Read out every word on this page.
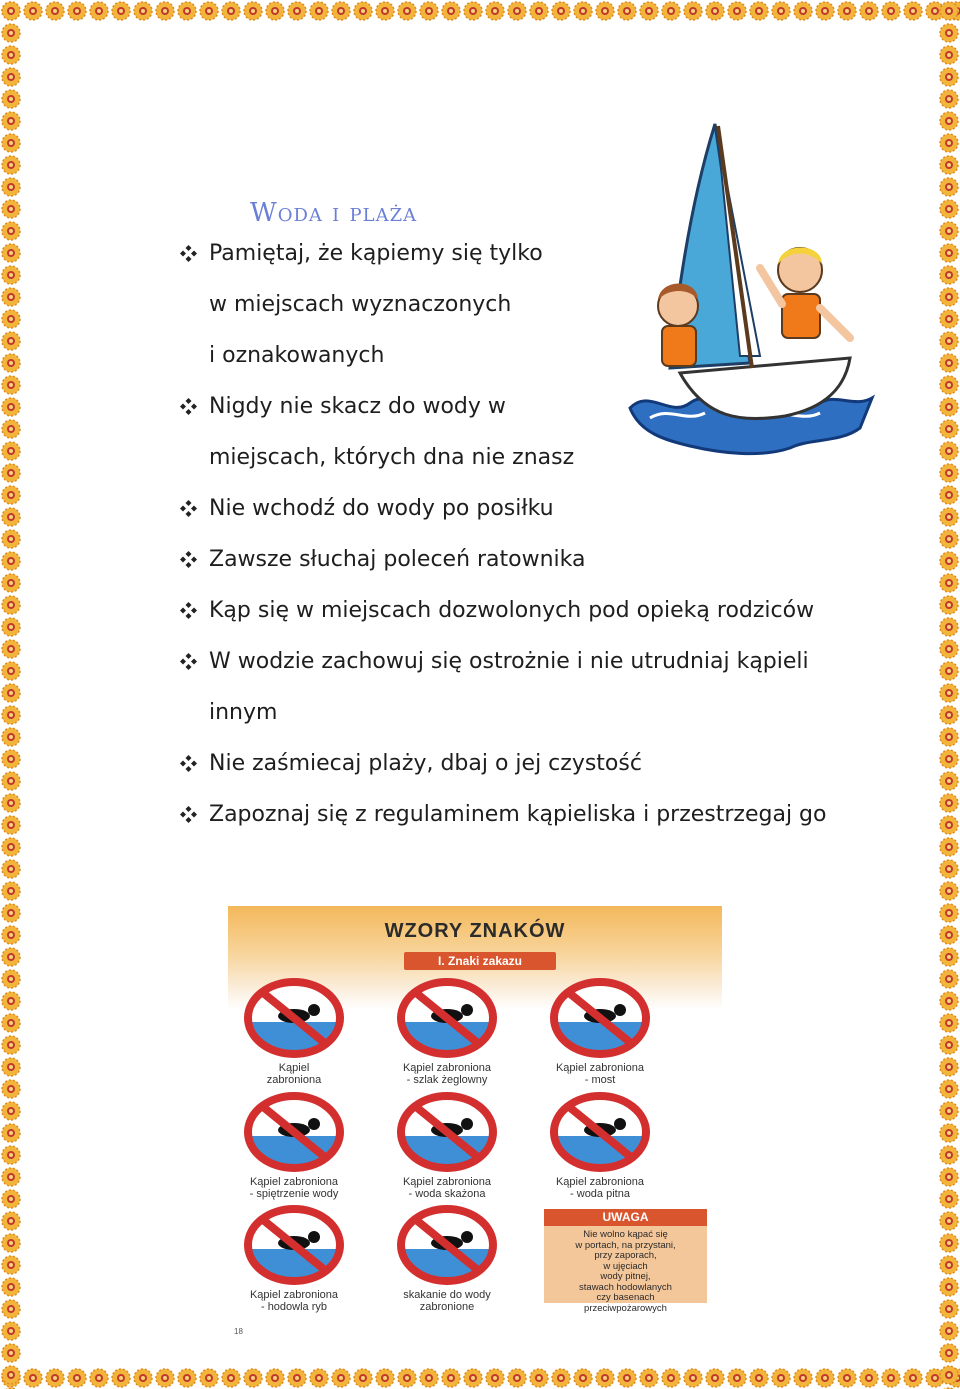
Woda i plaża
Pamiętaj, że kąpiemy się tylko
w miejscach wyznaczonych
i oznakowanych
Nigdy nie skacz do wody w
miejscach, których dna nie znasz
Nie wchodź do wody po posiłku
Zawsze słuchaj poleceń ratownika
Kąp się w miejscach dozwolonych pod opieką rodziców
W wodzie zachowuj się ostrożnie i nie utrudniaj kąpieli
innym
Nie zaśmiecaj plaży, dbaj o jej czystość
Zapoznaj się z regulaminem kąpieliska i przestrzegaj go
WZORY ZNAKÓW
I. Znaki zakazu
Kąpiel
zabroniona
Kąpiel zabroniona
- szlak żeglowny
Kąpiel zabroniona
- most
Kąpiel zabroniona
- spiętrzenie wody
Kąpiel zabroniona
- woda skażona
Kąpiel zabroniona
- woda pitna
Kąpiel zabroniona
- hodowla ryb
skakanie do wody
zabronione
UWAGA
Nie wolno kąpać się
w portach, na przystani,
przy zaporach,
w ujęciach
wody pitnej,
stawach hodowlanych
czy basenach
przeciwpożarowych
18
